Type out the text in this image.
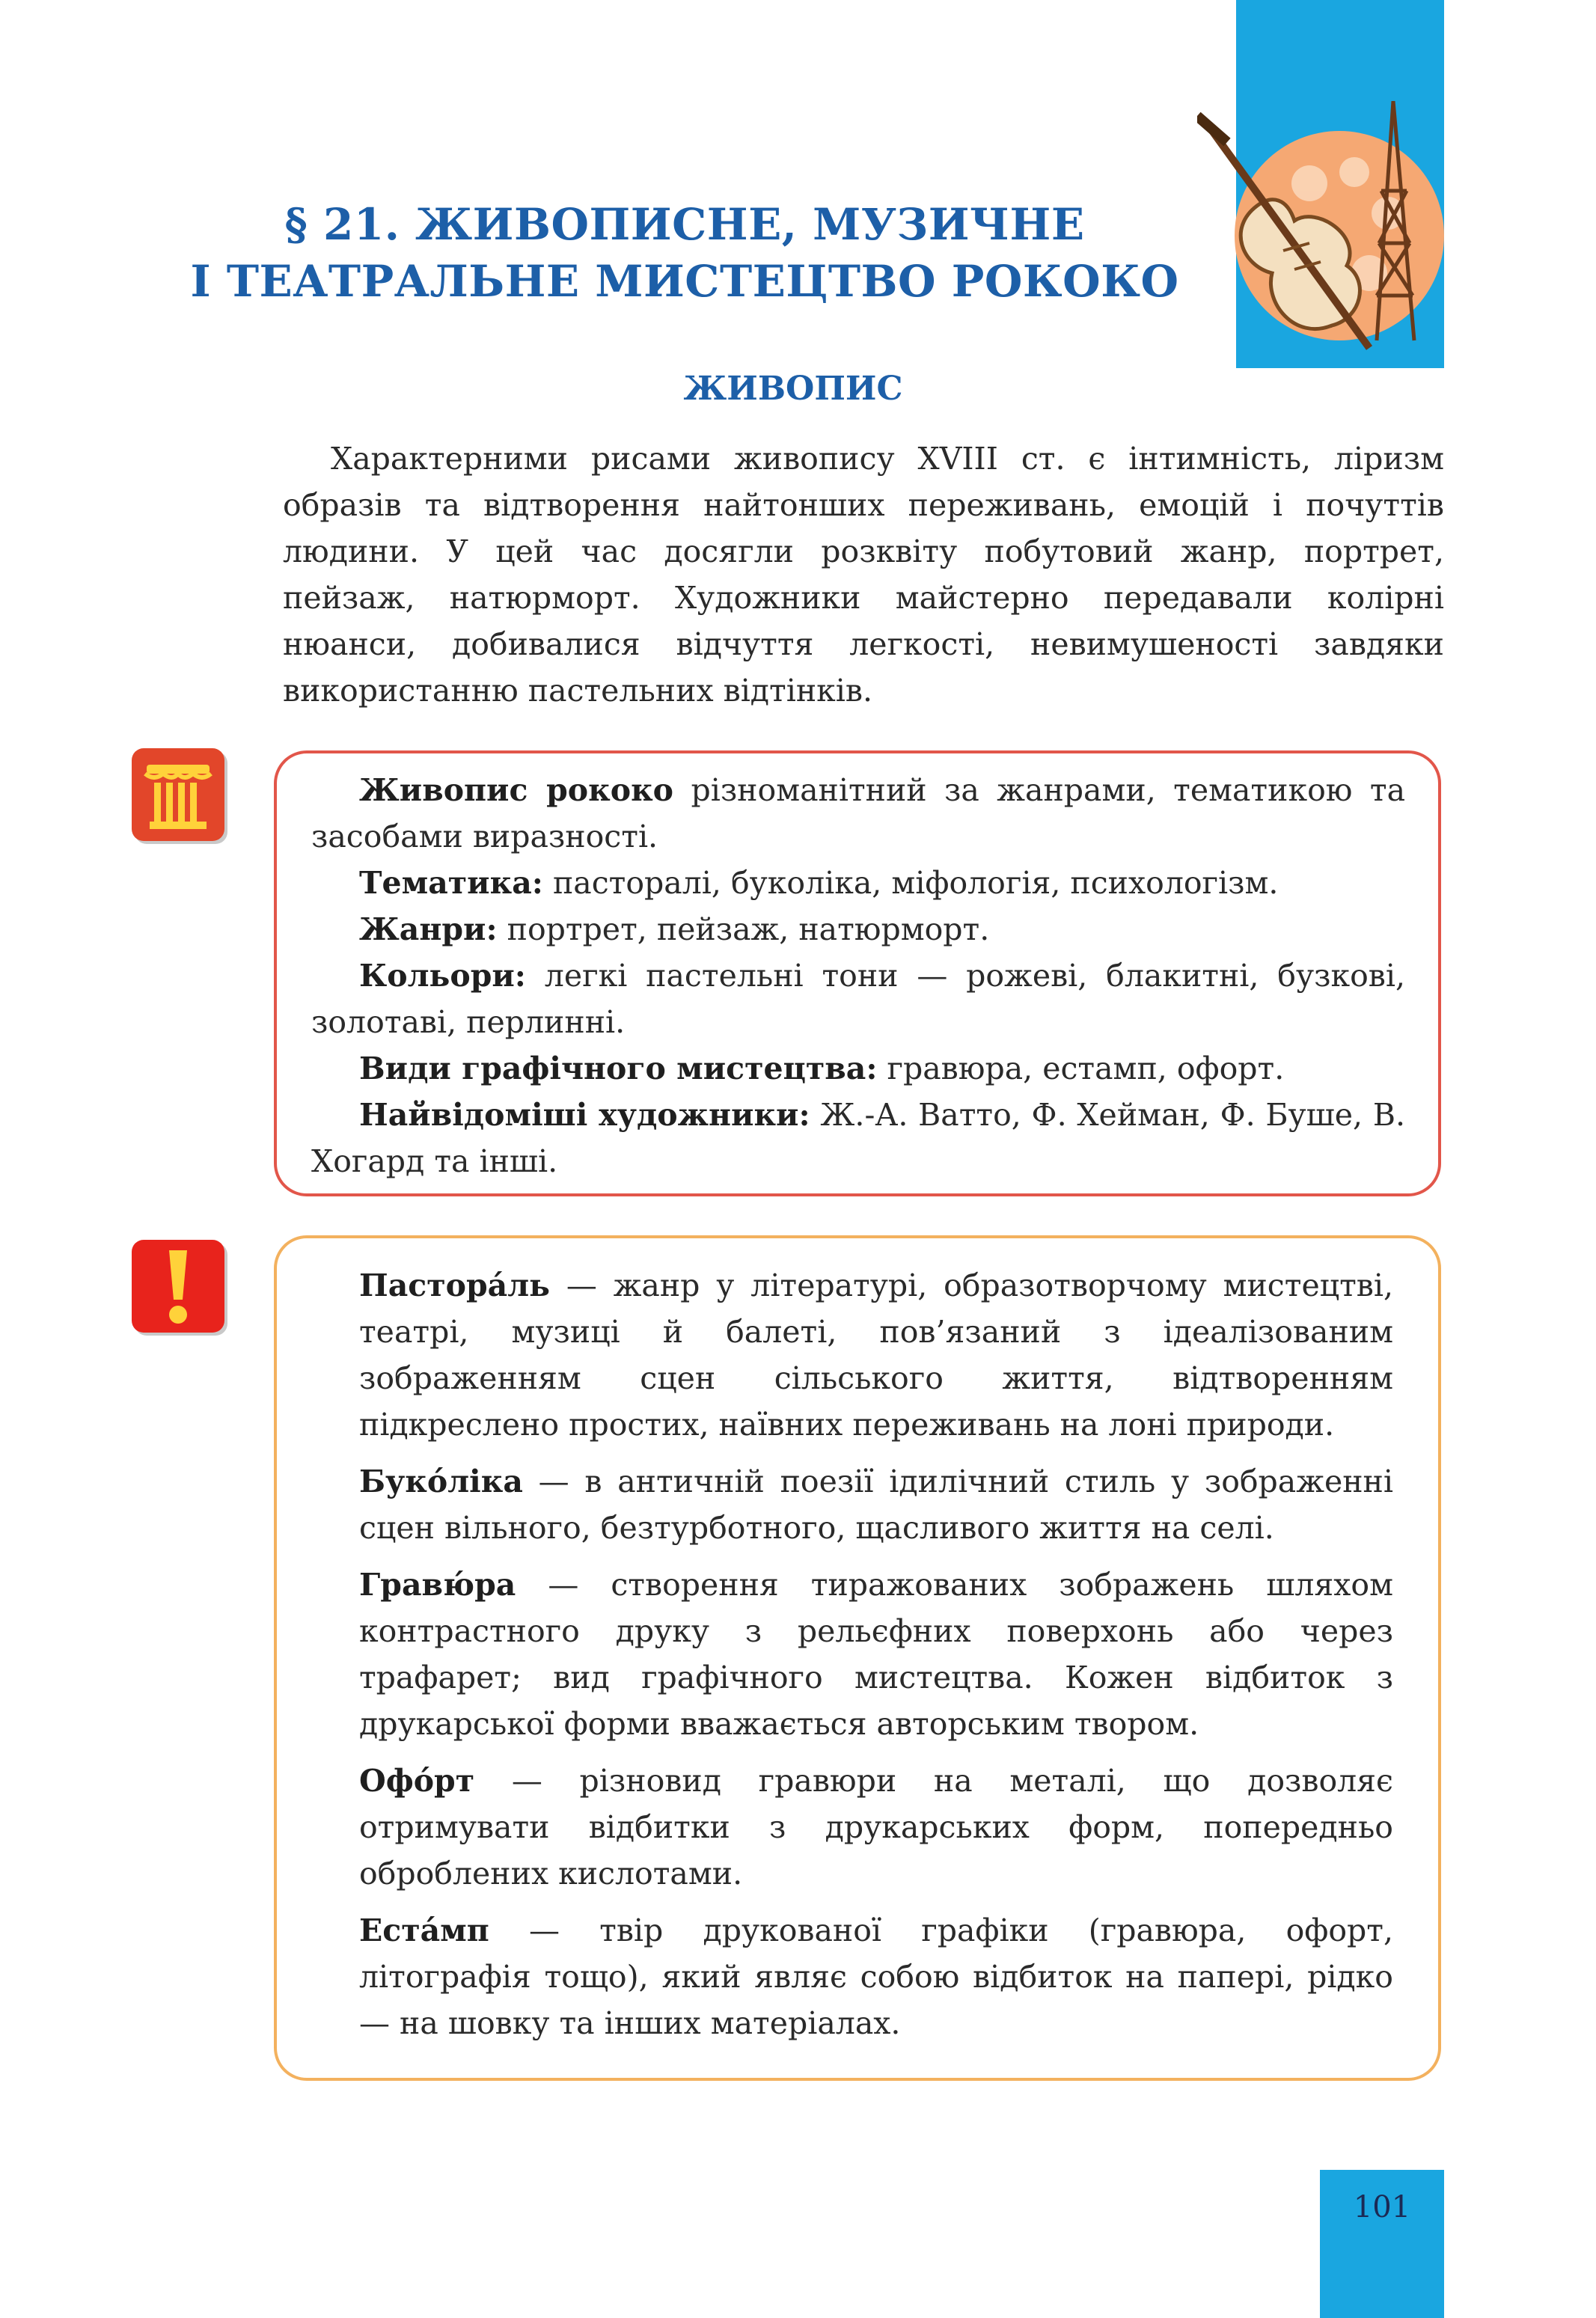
§ 21. ЖИВОПИСНЕ, МУЗИЧНЕ
І ТЕАТРАЛЬНЕ МИСТЕЦТВО РОКОКО
ЖИВОПИС

Характерними рисами живопису XVIII ст. є інтимність, ліризм образів та відтворення найтонших переживань, емоцій і почуттів людини. У цей час досягли розквіту побутовий жанр, портрет, пейзаж, натюрморт. Художники майстерно передавали колірні нюанси, добивалися відчуття легкості, невимушеності завдяки використанню пастельних відтінків.

Живопис рококо різноманітний за жанрами, тематикою та засобами виразності.

Тематика: пасторалі, буколіка, міфологія, психологізм.

Жанри: портрет, пейзаж, натюрморт.

Кольори: легкі пастельні тони — рожеві, блакитні, бузкові, золотаві, перлинні.

Види графічного мистецтва: гравюра, естамп, офорт.

Найвідоміші художники: Ж.-А. Ватто, Ф. Хейман, Ф. Буше, В. Хогард та інші.

Пастора́ль — жанр у літературі, образотворчому мистецтві, театрі, музиці й балеті, пов’язаний з ідеалізованим зображенням сцен сільського життя, відтворенням підкреслено простих, наївних переживань на лоні природи.

Буко́ліка — в античній поезії ідилічний стиль у зображенні сцен вільного, безтурботного, щасливого життя на селі.

Гравю́ра — створення тиражованих зображень шляхом контрастного друку з рельєфних поверхонь або через трафарет; вид графічного мистецтва. Кожен відбиток з друкарської форми вважається авторським твором.

Офо́рт — різновид гравюри на металі, що дозволяє отримувати відбитки з друкарських форм, попередньо оброблених кислотами.

Еста́мп — твір друкованої графіки (гравюра, офорт, літографія тощо), який являє собою відбиток на папері, рідко — на шовку та інших матеріалах.

101
